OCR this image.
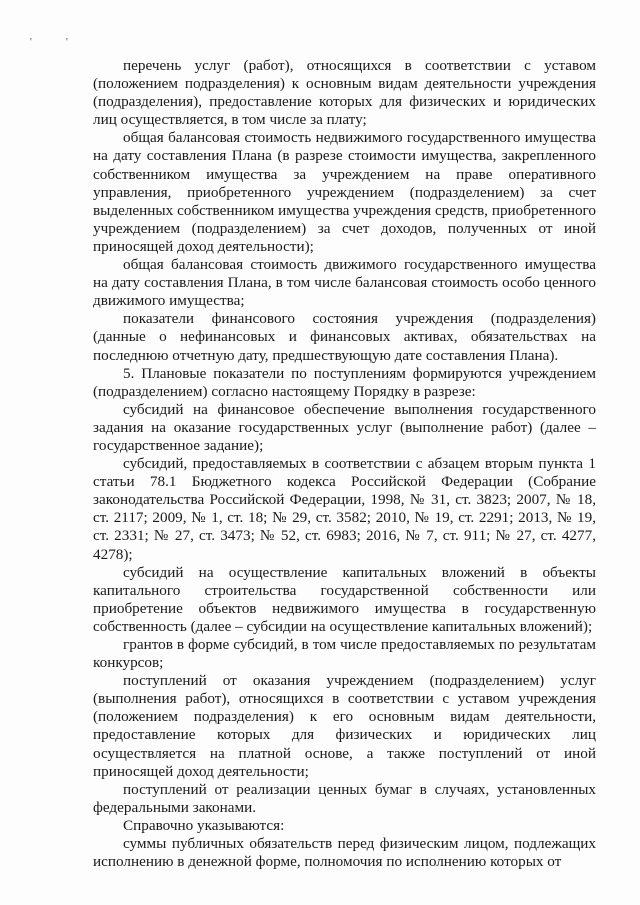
'	'

перечень услуг (работ), относящихся в соответствии с уставом (положением подразделения) к основным видам деятельности учреждения (подразделения), предоставление которых для физических и юридических лиц осуществляется, в том числе за плату;

общая балансовая стоимость недвижимого государственного имущества на дату составления Плана (в разрезе стоимости имущества, закрепленного собственником имущества за учреждением на праве оперативного управления, приобретенного учреждением (подразделением) за счет выделенных собственником имущества учреждения средств, приобретенного учреждением (подразделением) за счет доходов, полученных от иной приносящей доход деятельности);

общая балансовая стоимость движимого государственного имущества на дату составления Плана, в том числе балансовая стоимость особо ценного движимого имущества;

показатели финансового состояния учреждения (подразделения) (данные о нефинансовых и финансовых активах, обязательствах на последнюю отчетную дату, предшествующую дате составления Плана).

5. Плановые показатели по поступлениям формируются учреждением (подразделением) согласно настоящему Порядку в разрезе:

субсидий на финансовое обеспечение выполнения государственного задания на оказание государственных услуг (выполнение работ) (далее – государственное задание);

субсидий, предоставляемых в соответствии с абзацем вторым пункта 1 статьи 78.1 Бюджетного кодекса Российской Федерации (Собрание законодательства Российской Федерации, 1998, № 31, ст. 3823; 2007, № 18, ст. 2117; 2009, № 1, ст. 18; № 29, ст. 3582; 2010, № 19, ст. 2291; 2013, № 19, ст. 2331; № 27, ст. 3473; № 52, ст. 6983; 2016, № 7, ст. 911; № 27, ст. 4277, 4278);

субсидий на осуществление капитальных вложений в объекты капитального строительства государственной собственности или приобретение объектов недвижимого имущества в государственную собственность (далее – субсидии на осуществление капитальных вложений);

грантов в форме субсидий, в том числе предоставляемых по результатам конкурсов;

поступлений от оказания учреждением (подразделением) услуг (выполнения работ), относящихся в соответствии с уставом учреждения (положением подразделения) к его основным видам деятельности, предоставление которых для физических и юридических лиц осуществляется на платной основе, а также поступлений от иной приносящей доход деятельности;

поступлений от реализации ценных бумаг в случаях, установленных федеральными законами.

Справочно указываются:

суммы публичных обязательств перед физическим лицом, подлежащих исполнению в денежной форме, полномочия по исполнению которых от
